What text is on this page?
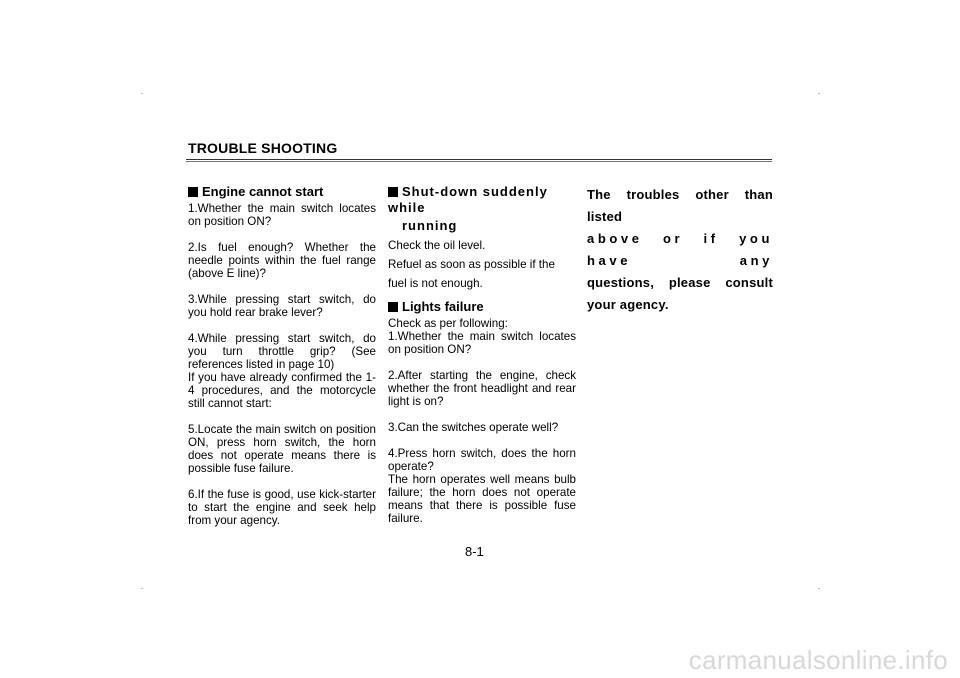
TROUBLE SHOOTING
Engine cannot start

1.Whether the main switch locates on position ON?

2.Is fuel enough? Whether the needle points within the fuel range (above E line)?

3.While pressing start switch, do you hold rear brake lever?

4.While pressing start switch, do you turn throttle grip? (See references listed in page 10)

If you have already confirmed the 1-4 procedures, and the motorcycle still cannot start:

5.Locate the main switch on position ON, press horn switch, the horn does not operate means there is possible fuse failure.

6.If the fuse is good, use kick-starter to start the engine and seek help from your agency.

Shut-down suddenly while
running

Check the oil level.

Refuel as soon as possible if the fuel is not enough.

Lights failure

Check as per following:

1.Whether the main switch locates on position ON?

2.After starting the engine, check whether the front headlight and rear light is on?

3.Can the switches operate well?

4.Press horn switch, does the horn operate?

The horn operates well means bulb failure; the horn does not operate means that there is possible fuse failure.

The troubles other than listed
above or if you have any
questions, please consult your agency.

8-1
carmanualsonline.info
